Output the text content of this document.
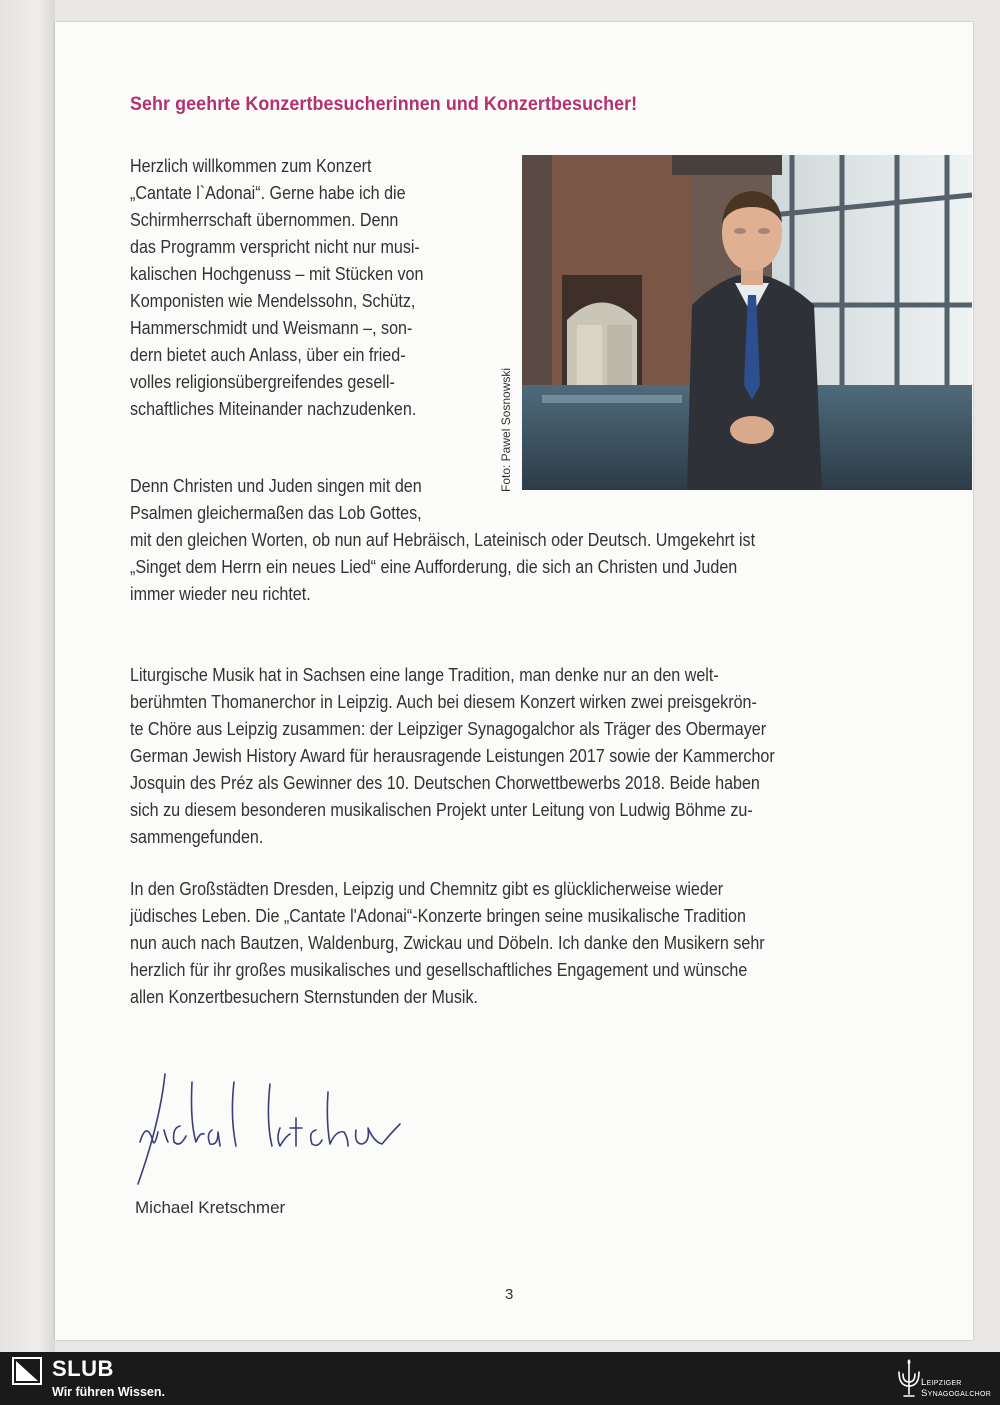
Sehr geehrte Konzertbesucherinnen und Konzertbesucher!
Herzlich willkommen zum Konzert
„Cantate l`Adonai“. Gerne habe ich die
Schirmherrschaft übernommen. Denn
das Programm verspricht nicht nur musi-
kalischen Hochgenuss – mit Stücken von
Komponisten wie Mendelssohn, Schütz,
Hammerschmidt und Weismann –, son-
dern bietet auch Anlass, über ein fried-
volles religionsübergreifendes gesell-
schaftliches Miteinander nachzudenken.	Foto: Pawel Sosnowski
Denn Christen und Juden singen mit den
Psalmen gleichermaßen das Lob Gottes,
mit den gleichen Worten, ob nun auf Hebräisch, Lateinisch oder Deutsch. Umgekehrt ist
„Singet dem Herrn ein neues Lied“ eine Aufforderung, die sich an Christen und Juden
immer wieder neu richtet.
Liturgische Musik hat in Sachsen eine lange Tradition, man denke nur an den welt-
berühmten Thomanerchor in Leipzig. Auch bei diesem Konzert wirken zwei preisgekrön-
te Chöre aus Leipzig zusammen: der Leipziger Synagogalchor als Träger des Obermayer
German Jewish History Award für herausragende Leistungen 2017 sowie der Kammerchor
Josquin des Préz als Gewinner des 10. Deutschen Chorwettbewerbs 2018. Beide haben
sich zu diesem besonderen musikalischen Projekt unter Leitung von Ludwig Böhme zu-
sammengefunden.
In den Großstädten Dresden, Leipzig und Chemnitz gibt es glücklicherweise wieder
jüdisches Leben. Die „Cantate l'Adonai“-Konzerte bringen seine musikalische Tradition
nun auch nach Bautzen, Waldenburg, Zwickau und Döbeln. Ich danke den Musikern sehr
herzlich für ihr großes musikalisches und gesellschaftliches Engagement und wünsche
allen Konzertbesuchern Sternstunden der Musik.
Michael Kretschmer
3
SLUB
Wir führen Wissen.
Leipziger
Synagogalchor
